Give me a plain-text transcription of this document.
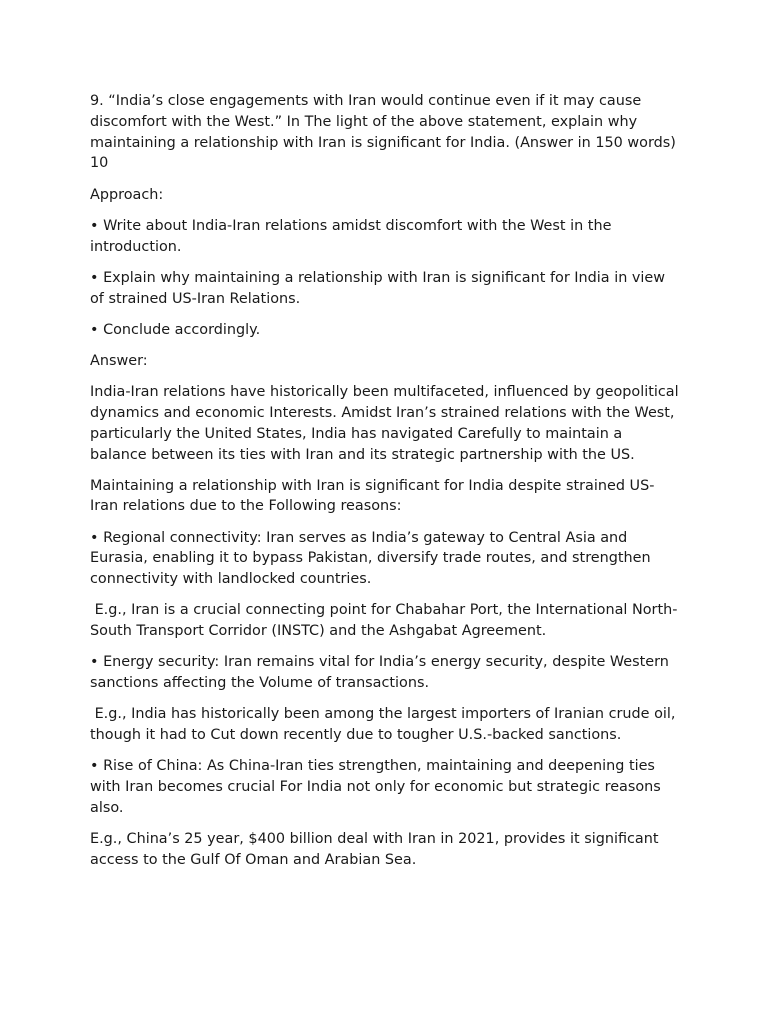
9. “India’s close engagements with Iran would continue even if it may cause discomfort with the West.” In The light of the above statement, explain why maintaining a relationship with Iran is significant for India. (Answer in 150 words) 10

Approach:

• Write about India-Iran relations amidst discomfort with the West in the introduction.

• Explain why maintaining a relationship with Iran is significant for India in view of strained US-Iran Relations.

• Conclude accordingly.

Answer:

India-Iran relations have historically been multifaceted, influenced by geopolitical dynamics and economic Interests. Amidst Iran’s strained relations with the West, particularly the United States, India has navigated Carefully to maintain a balance between its ties with Iran and its strategic partnership with the US.

Maintaining a relationship with Iran is significant for India despite strained US-Iran relations due to the Following reasons:

• Regional connectivity: Iran serves as India’s gateway to Central Asia and Eurasia, enabling it to bypass Pakistan, diversify trade routes, and strengthen connectivity with landlocked countries.

E.g., Iran is a crucial connecting point for Chabahar Port, the International North-South Transport Corridor (INSTC) and the Ashgabat Agreement.

• Energy security: Iran remains vital for India’s energy security, despite Western sanctions affecting the Volume of transactions.

E.g., India has historically been among the largest importers of Iranian crude oil, though it had to Cut down recently due to tougher U.S.-backed sanctions.

• Rise of China: As China-Iran ties strengthen, maintaining and deepening ties with Iran becomes crucial For India not only for economic but strategic reasons also.

E.g., China’s 25 year, $400 billion deal with Iran in 2021, provides it significant access to the Gulf Of Oman and Arabian Sea.
